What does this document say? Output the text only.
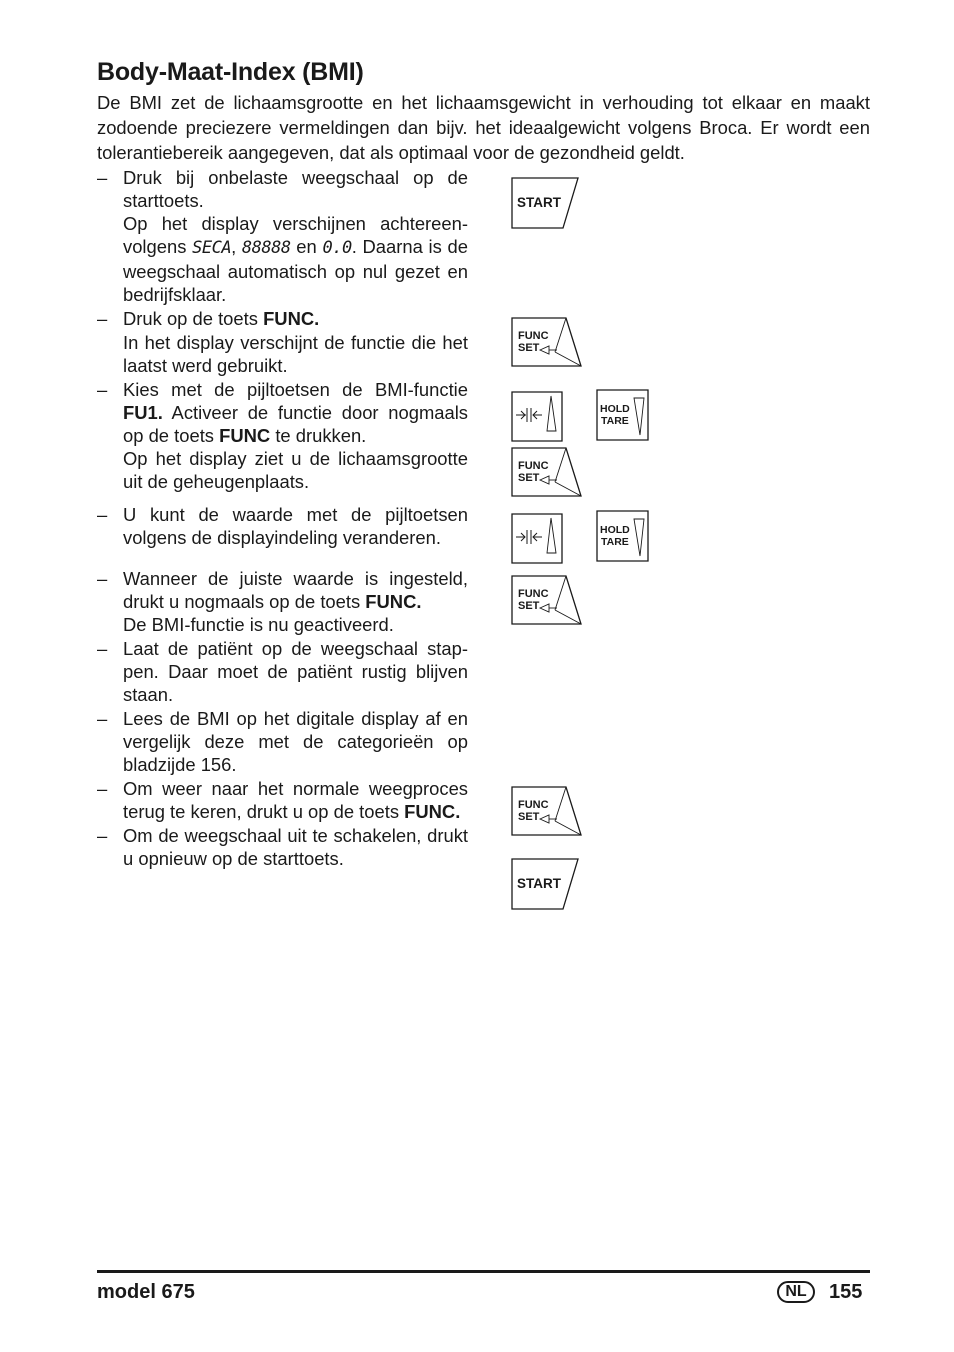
Body-Maat-Index (BMI)

De BMI zet de lichaamsgrootte en het lichaamsgewicht in verhouding tot elkaar en maakt zodoende preciezere vermeldingen dan bijv. het ideaalgewicht volgens Broca. Er wordt een tolerantiebereik aangegeven, dat als optimaal voor de gezondheid geldt.

– Druk bij onbelaste weegschaal op de starttoets.

Op het display verschijnen achtereenvolgens SECA, 88888 en 0.0. Daarna is de weegschaal automatisch op nul gezet en bedrijfsklaar.

– Druk op de toets FUNC.

In het display verschijnt de functie die het laatst werd gebruikt.

– Kies met de pijltoetsen de BMI-functie FU1. Activeer de functie door nogmaals op de toets FUNC te drukken.

Op het display ziet u de lichaamsgrootte uit de geheugenplaats.

– U kunt de waarde met de pijltoetsen volgens de displayindeling veranderen.

– Wanneer de juiste waarde is ingesteld, drukt u nogmaals op de toets FUNC.

De BMI-functie is nu geactiveerd.

– Laat de patiënt op de weegschaal stappen. Daar moet de patiënt rustig blijven staan.

– Lees de BMI op het digitale display af en vergelijk deze met de categorieën op bladzijde 156.

– Om weer naar het normale weegproces terug te keren, drukt u op de toets FUNC.

– Om de weegschaal uit te schakelen, drukt u opnieuw op de starttoets.

START
FUNC
SET
HOLD
TARE
FUNC
SET
HOLD
TARE
FUNC
SET
FUNC
SET
START
model 675	NL	155
